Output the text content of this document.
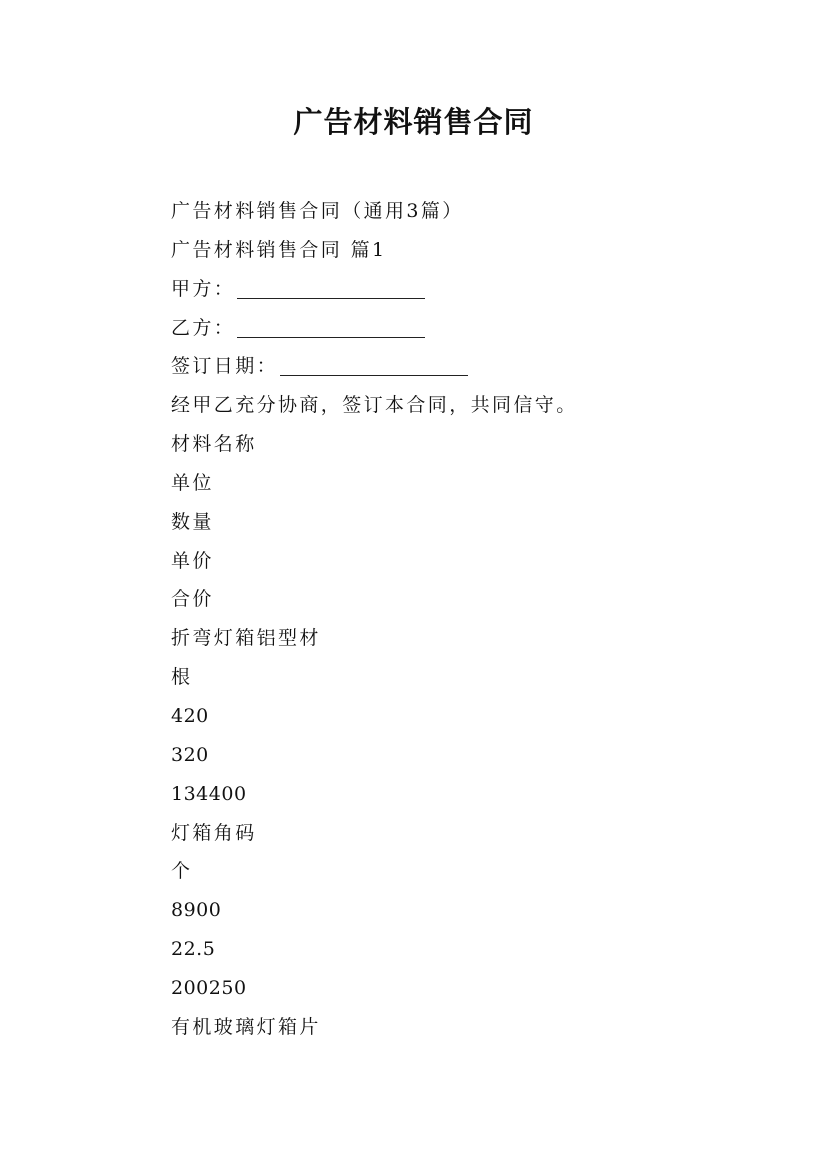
广告材料销售合同
广告材料销售合同（通用3篇）
广告材料销售合同 篇1
甲方：
乙方：
签订日期：
经甲乙充分协商，签订本合同，共同信守。
材料名称
单位
数量
单价
合价
折弯灯箱铝型材
根
420
320
134400
灯箱角码
个
8900
22.5
200250
有机玻璃灯箱片
